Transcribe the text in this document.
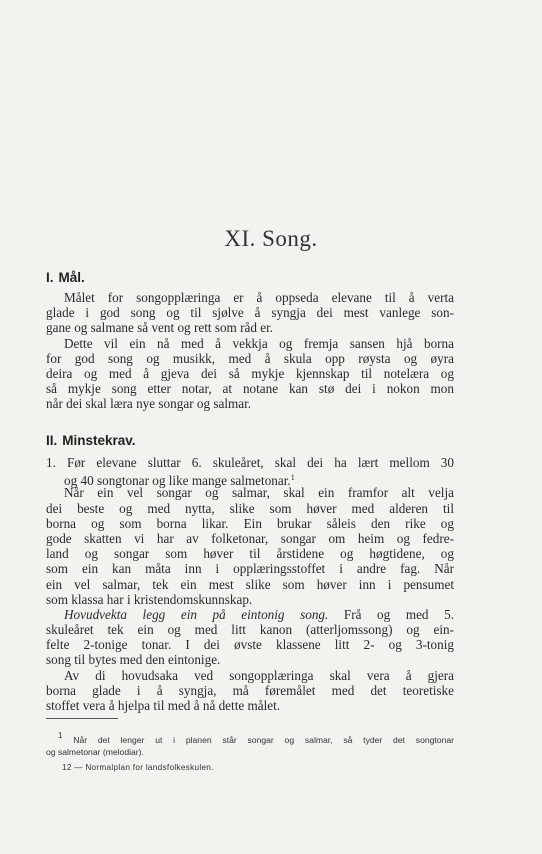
XI. Song.
I. Mål.
Målet for songopplæringa er å oppseda elevane til å verta
glade i god song og til sjølve å syngja dei mest vanlege son-
gane og salmane så vent og rett som råd er.
Dette vil ein nå med å vekkja og fremja sansen hjå borna
for god song og musikk, med å skula opp røysta og øyra
deira og med å gjeva dei så mykje kjennskap til notelæra og
så mykje song etter notar, at notane kan stø dei i nokon mon
når dei skal læra nye songar og salmar.
II. Minstekrav.
1. Før elevane sluttar 6. skuleåret, skal dei ha lært mellom 30
og 40 songtonar og like mange salmetonar.$^1$
Når ein vel songar og salmar, skal ein framfor alt velja
dei beste og med nytta, slike som høver med alderen til
borna og som borna likar. Ein brukar såleis den rike og
gode skatten vi har av folketonar, songar om heim og fedre-
land og songar som høver til årstidene og høgtidene, og
som ein kan måta inn i opplæringsstoffet i andre fag. Når
ein vel salmar, tek ein mest slike som høver inn i pensumet
som klassa har i kristendomskunnskap.
Hovudvekta legg ein på eintonig song. Frå og med 5.
skuleåret tek ein og med litt kanon (atterljomssong) og ein-
felte 2-tonige tonar. I dei øvste klassene litt 2- og 3-tonig
song til bytes med den eintonige.
Av di hovudsaka ved songopplæringa skal vera å gjera
borna glade i å syngja, må føremålet med det teoretiske
stoffet vera å hjelpa til med å nå dette målet.
$^1$ Når det lenger ut i planen står songar og salmar, så tyder det songtonar
og salmetonar (melodiar).
12 — Normalplan for landsfolkeskulen.
